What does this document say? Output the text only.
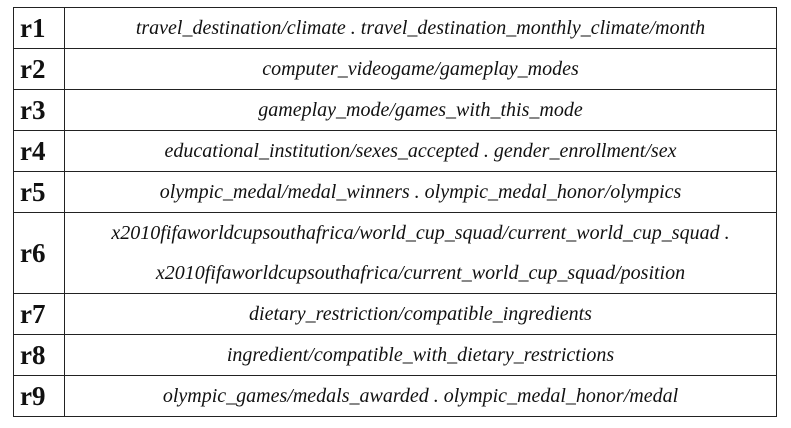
r1	travel_destination/climate . travel_destination_monthly_climate/month

r2	computer_videogame/gameplay_modes

r3	gameplay_mode/games_with_this_mode

r4	educational_institution/sexes_accepted . gender_enrollment/sex

r5	olympic_medal/medal_winners . olympic_medal_honor/olympics

r6	x2010fifaworldcupsouthafrica/world_cup_squad/current_world_cup_squad .
x2010fifaworldcupsouthafrica/current_world_cup_squad/position

r7	dietary_restriction/compatible_ingredients

r8	ingredient/compatible_with_dietary_restrictions

r9	olympic_games/medals_awarded . olympic_medal_honor/medal
